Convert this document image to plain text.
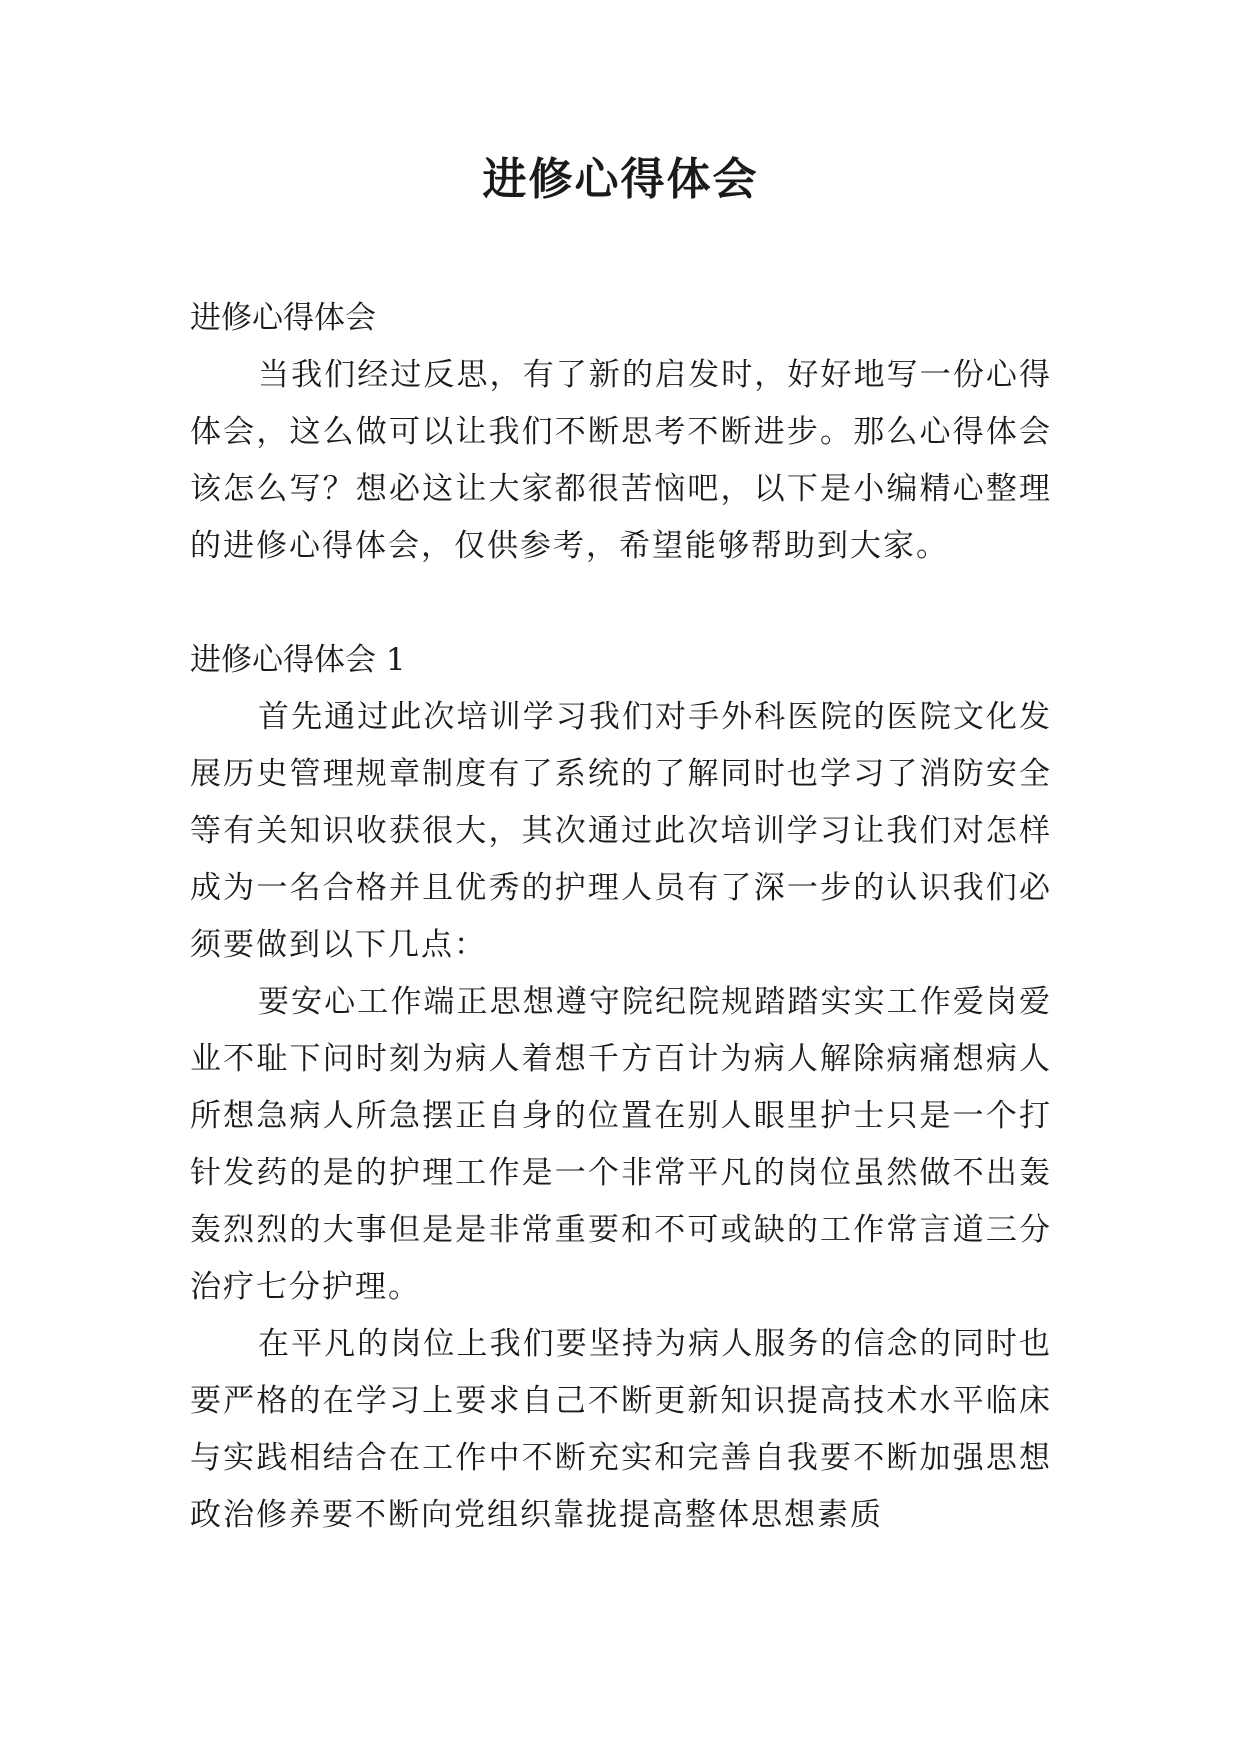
进修心得体会

进修心得体会

当我们经过反思，有了新的启发时，好好地写一份心得体会，这么做可以让我们不断思考不断进步。那么心得体会该怎么写？想必这让大家都很苦恼吧，以下是小编精心整理的进修心得体会，仅供参考，希望能够帮助到大家。

进修心得体会 1

首先通过此次培训学习我们对手外科医院的医院文化发展历史管理规章制度有了系统的了解同时也学习了消防安全等有关知识收获很大，其次通过此次培训学习让我们对怎样成为一名合格并且优秀的护理人员有了深一步的认识我们必须要做到以下几点：

要安心工作端正思想遵守院纪院规踏踏实实工作爱岗爱业不耻下问时刻为病人着想千方百计为病人解除病痛想病人所想急病人所急摆正自身的位置在别人眼里护士只是一个打针发药的是的护理工作是一个非常平凡的岗位虽然做不出轰轰烈烈的大事但是是非常重要和不可或缺的工作常言道三分治疗七分护理。

在平凡的岗位上我们要坚持为病人服务的信念的同时也要严格的在学习上要求自己不断更新知识提高技术水平临床与实践相结合在工作中不断充实和完善自我要不断加强思想政治修养要不断向党组织靠拢提高整体思想素质
